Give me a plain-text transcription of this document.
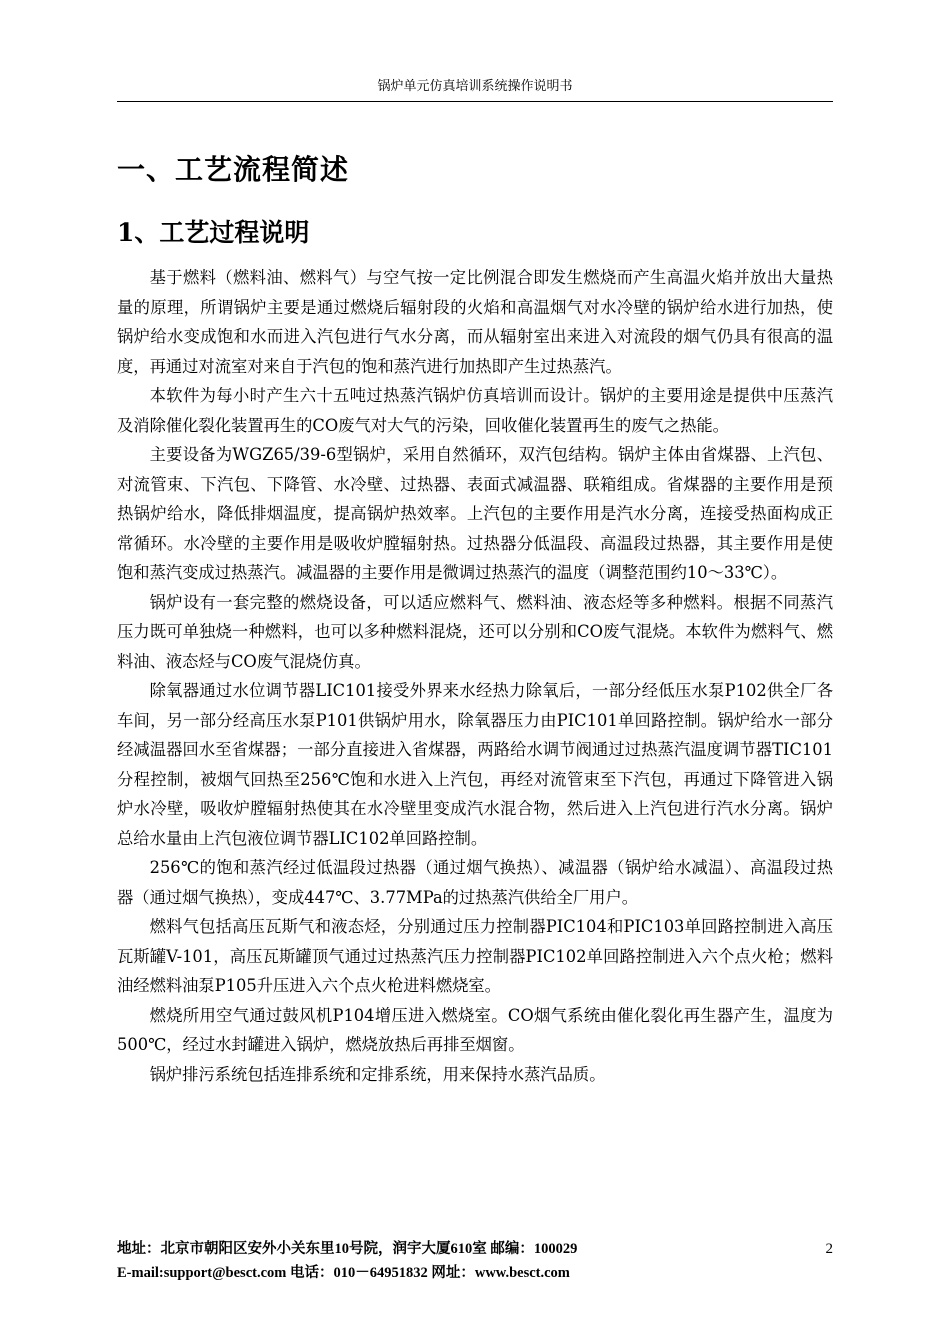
锅炉单元仿真培训系统操作说明书
一、工艺流程简述
1、工艺过程说明

基于燃料（燃料油、燃料气）与空气按一定比例混合即发生燃烧而产生高温火焰并放出大量热量的原理，所谓锅炉主要是通过燃烧后辐射段的火焰和高温烟气对水冷壁的锅炉给水进行加热，使锅炉给水变成饱和水而进入汽包进行气水分离，而从辐射室出来进入对流段的烟气仍具有很高的温度，再通过对流室对来自于汽包的饱和蒸汽进行加热即产生过热蒸汽。

本软件为每小时产生六十五吨过热蒸汽锅炉仿真培训而设计。锅炉的主要用途是提供中压蒸汽及消除催化裂化装置再生的CO废气对大气的污染，回收催化装置再生的废气之热能。

主要设备为WGZ65/39-6型锅炉，采用自然循环，双汽包结构。锅炉主体由省煤器、上汽包、对流管束、下汽包、下降管、水冷壁、过热器、表面式减温器、联箱组成。省煤器的主要作用是预热锅炉给水，降低排烟温度，提高锅炉热效率。上汽包的主要作用是汽水分离，连接受热面构成正常循环。水冷壁的主要作用是吸收炉膛辐射热。过热器分低温段、高温段过热器，其主要作用是使饱和蒸汽变成过热蒸汽。减温器的主要作用是微调过热蒸汽的温度（调整范围约10～33℃）。

锅炉设有一套完整的燃烧设备，可以适应燃料气、燃料油、液态烃等多种燃料。根据不同蒸汽压力既可单独烧一种燃料，也可以多种燃料混烧，还可以分别和CO废气混烧。本软件为燃料气、燃料油、液态烃与CO废气混烧仿真。

除氧器通过水位调节器LIC101接受外界来水经热力除氧后，一部分经低压水泵P102供全厂各车间，另一部分经高压水泵P101供锅炉用水，除氧器压力由PIC101单回路控制。锅炉给水一部分经减温器回水至省煤器；一部分直接进入省煤器，两路给水调节阀通过过热蒸汽温度调节器TIC101分程控制，被烟气回热至256℃饱和水进入上汽包，再经对流管束至下汽包，再通过下降管进入锅炉水冷壁，吸收炉膛辐射热使其在水冷壁里变成汽水混合物，然后进入上汽包进行汽水分离。锅炉总给水量由上汽包液位调节器LIC102单回路控制。

256℃的饱和蒸汽经过低温段过热器（通过烟气换热）、减温器（锅炉给水减温）、高温段过热器（通过烟气换热），变成447℃、3.77MPa的过热蒸汽供给全厂用户。

燃料气包括高压瓦斯气和液态烃，分别通过压力控制器PIC104和PIC103单回路控制进入高压瓦斯罐V-101，高压瓦斯罐顶气通过过热蒸汽压力控制器PIC102单回路控制进入六个点火枪；燃料油经燃料油泵P105升压进入六个点火枪进料燃烧室。

燃烧所用空气通过鼓风机P104增压进入燃烧室。CO烟气系统由催化裂化再生器产生，温度为500℃，经过水封罐进入锅炉，燃烧放热后再排至烟窗。

锅炉排污系统包括连排系统和定排系统，用来保持水蒸汽品质。

地址：北京市朝阳区安外小关东里10号院，润宇大厦610室 邮编：100029
E-mail:support@besct.com 电话：010－64951832 网址：www.besct.com
2
